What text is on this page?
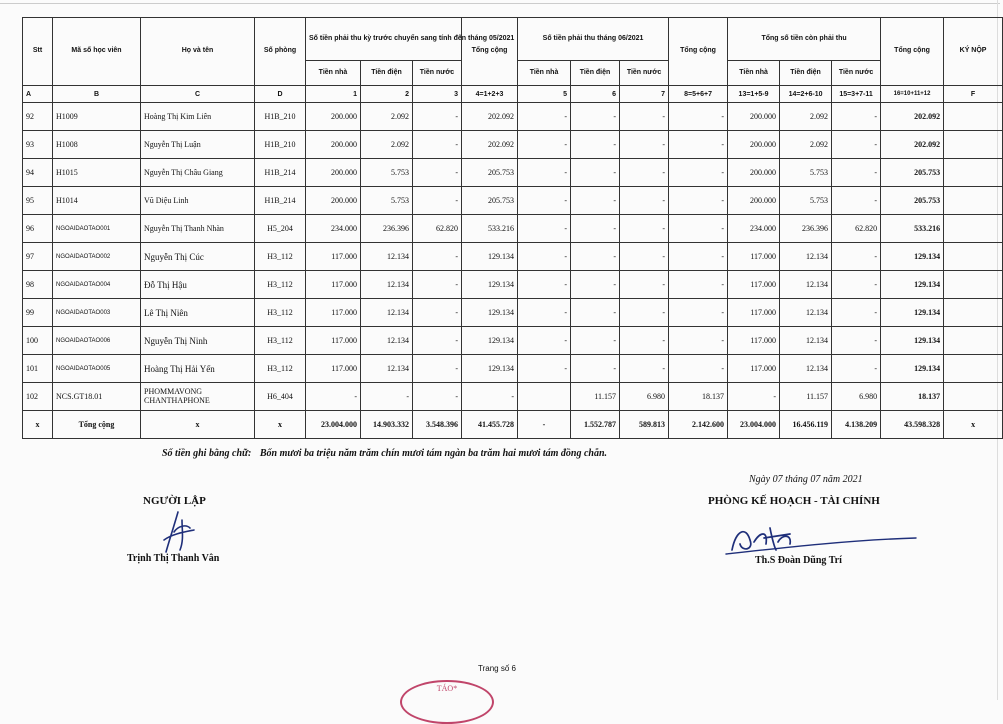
Stt	Mã số học viên	Họ và tên	Số phòng	Số tiền phải thu kỳ trước chuyển sang tính đến tháng 05/2021			Tổng cộng	Số tiền phải thu tháng 06/2021			Tổng cộng	Tổng số tiền còn phải thu			Tổng cộng	KÝ NỘP
				Tiền nhà	Tiền điện	Tiền nước		Tiền nhà	Tiền điện	Tiền nước		Tiền nhà	Tiền điện	Tiền nước		
A	B	C	D	1	2	3	4=1+2+3	5	6	7	8=5+6+7	13=1+5-9	14=2+6-10	15=3+7-11	16=10+11+12	F
92	H1009	Hoàng Thị Kim Liên	H1B_210	200.000	2.092	-	202.092	-	-	-	-	200.000	2.092	-	202.092	
93	H1008	Nguyễn Thị Luận	H1B_210	200.000	2.092	-	202.092	-	-	-	-	200.000	2.092	-	202.092	
94	H1015	Nguyễn Thị Châu Giang	H1B_214	200.000	5.753	-	205.753	-	-	-	-	200.000	5.753	-	205.753	
95	H1014	Vũ Diệu Linh	H1B_214	200.000	5.753	-	205.753	-	-	-	-	200.000	5.753	-	205.753	
96	NGOAIDAOTAO001	Nguyễn Thị Thanh Nhàn	H5_204	234.000	236.396	62.820	533.216	-	-	-	-	234.000	236.396	62.820	533.216	
97	NGOAIDAOTAO002	Nguyễn Thị Cúc	H3_112	117.000	12.134	-	129.134	-	-	-	-	117.000	12.134	-	129.134	
98	NGOAIDAOTAO004	Đỗ Thị Hậu	H3_112	117.000	12.134	-	129.134	-	-	-	-	117.000	12.134	-	129.134	
99	NGOAIDAOTAO003	Lê Thị Niên	H3_112	117.000	12.134	-	129.134	-	-	-	-	117.000	12.134	-	129.134	
100	NGOAIDAOTAO006	Nguyễn Thị Ninh	H3_112	117.000	12.134	-	129.134	-	-	-	-	117.000	12.134	-	129.134	
101	NGOAIDAOTAO005	Hoàng Thị Hải Yến	H3_112	117.000	12.134	-	129.134	-	-	-	-	117.000	12.134	-	129.134	
102	NCS.GT18.01	PHOMMAVONG CHANTHAPHONE	H6_404	-	-	-	-		11.157	6.980	18.137	-	11.157	6.980	18.137	
x	Tổng cộng	x	x	23.004.000	14.903.332	3.548.396	41.455.728	-	1.552.787	589.813	2.142.600	23.004.000	16.456.119	4.138.209	43.598.328	x
Số tiền ghi bằng chữ: Bốn mươi ba triệu năm trăm chín mươi tám ngàn ba trăm hai mươi tám đồng chẵn.
Ngày 07 tháng 07 năm 2021
NGƯỜI LẬP	PHÒNG KẾ HOẠCH - TÀI CHÍNH
Trịnh Thị Thanh Vân	Th.S Đoàn Dũng Trí
Trang số 6
TÁO*
